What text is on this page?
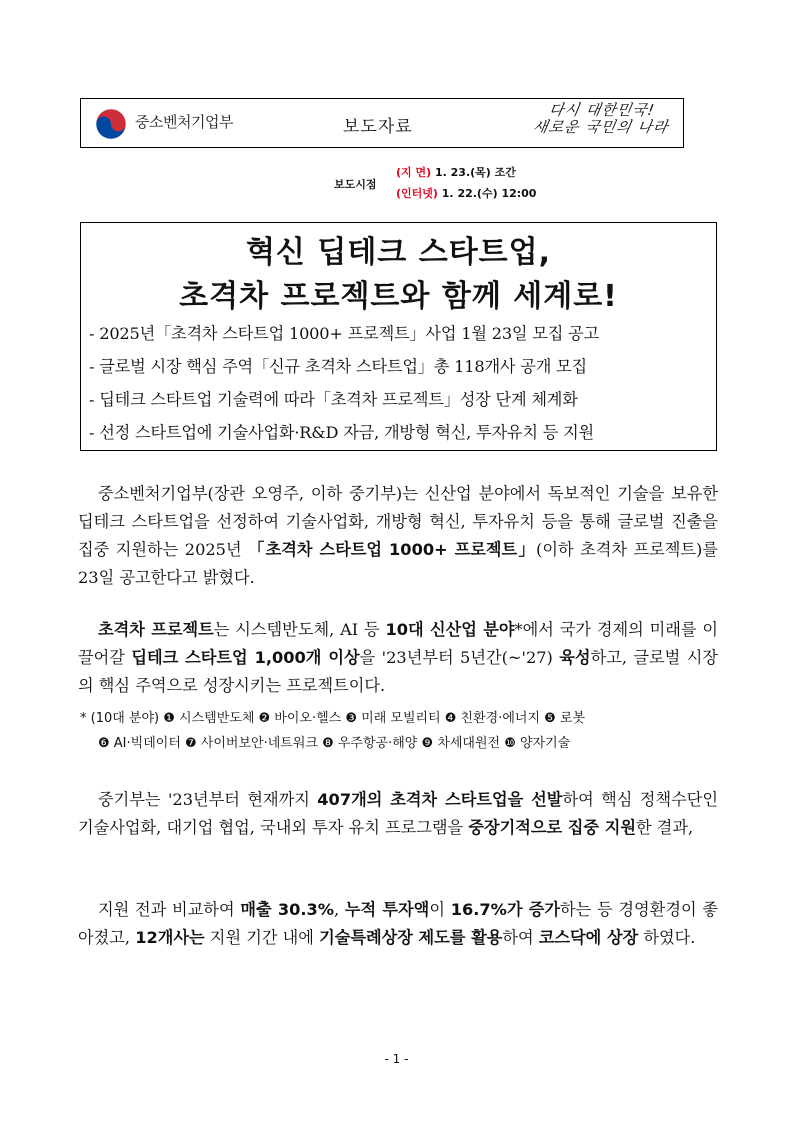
중소벤처기업부	보도자료
다시 대한민국!
새로운 국민의 나라
보도시점
(지 면) 1. 23.(목) 조간
(인터넷) 1. 22.(수) 12:00
혁신 딥테크 스타트업,
초격차 프로젝트와 함께 세계로!
- 2025년「초격차 스타트업 1000+ 프로젝트」사업 1월 23일 모집 공고
- 글로벌 시장 핵심 주역「신규 초격차 스타트업」총 118개사 공개 모집
- 딥테크 스타트업 기술력에 따라「초격차 프로젝트」성장 단계 체계화
- 선정 스타트업에 기술사업화·R&D 자금, 개방형 혁신, 투자유치 등 지원

중소벤처기업부(장관 오영주, 이하 중기부)는 신산업 분야에서 독보적인 기술을 보유한 딥테크 스타트업을 선정하여 기술사업화, 개방형 혁신, 투자유치 등을 통해 글로벌 진출을 집중 지원하는 2025년 「초격차 스타트업 1000+ 프로젝트」(이하 초격차 프로젝트)를 23일 공고한다고 밝혔다.

초격차 프로젝트는 시스템반도체, AI 등 10대 신산업 분야*에서 국가 경제의 미래를 이끌어갈 딥테크 스타트업 1,000개 이상을 '23년부터 5년간(~'27) 육성하고, 글로벌 시장의 핵심 주역으로 성장시키는 프로젝트이다.

* (10대 분야) ❶ 시스템반도체 ❷ 바이오·헬스 ❸ 미래 모빌리티 ❹ 친환경·에너지 ❺ 로봇
❻ AI·빅데이터 ❼ 사이버보안·네트워크 ❽ 우주항공·해양 ❾ 차세대원전 ❿ 양자기술

중기부는 '23년부터 현재까지 407개의 초격차 스타트업을 선발하여 핵심 정책수단인 기술사업화, 대기업 협업, 국내외 투자 유치 프로그램을 중장기적으로 집중 지원한 결과,

지원 전과 비교하여 매출 30.3%, 누적 투자액이 16.7%가 증가하는 등 경영환경이 좋아졌고, 12개사는 지원 기간 내에 기술특례상장 제도를 활용하여 코스닥에 상장 하였다.

- 1 -
